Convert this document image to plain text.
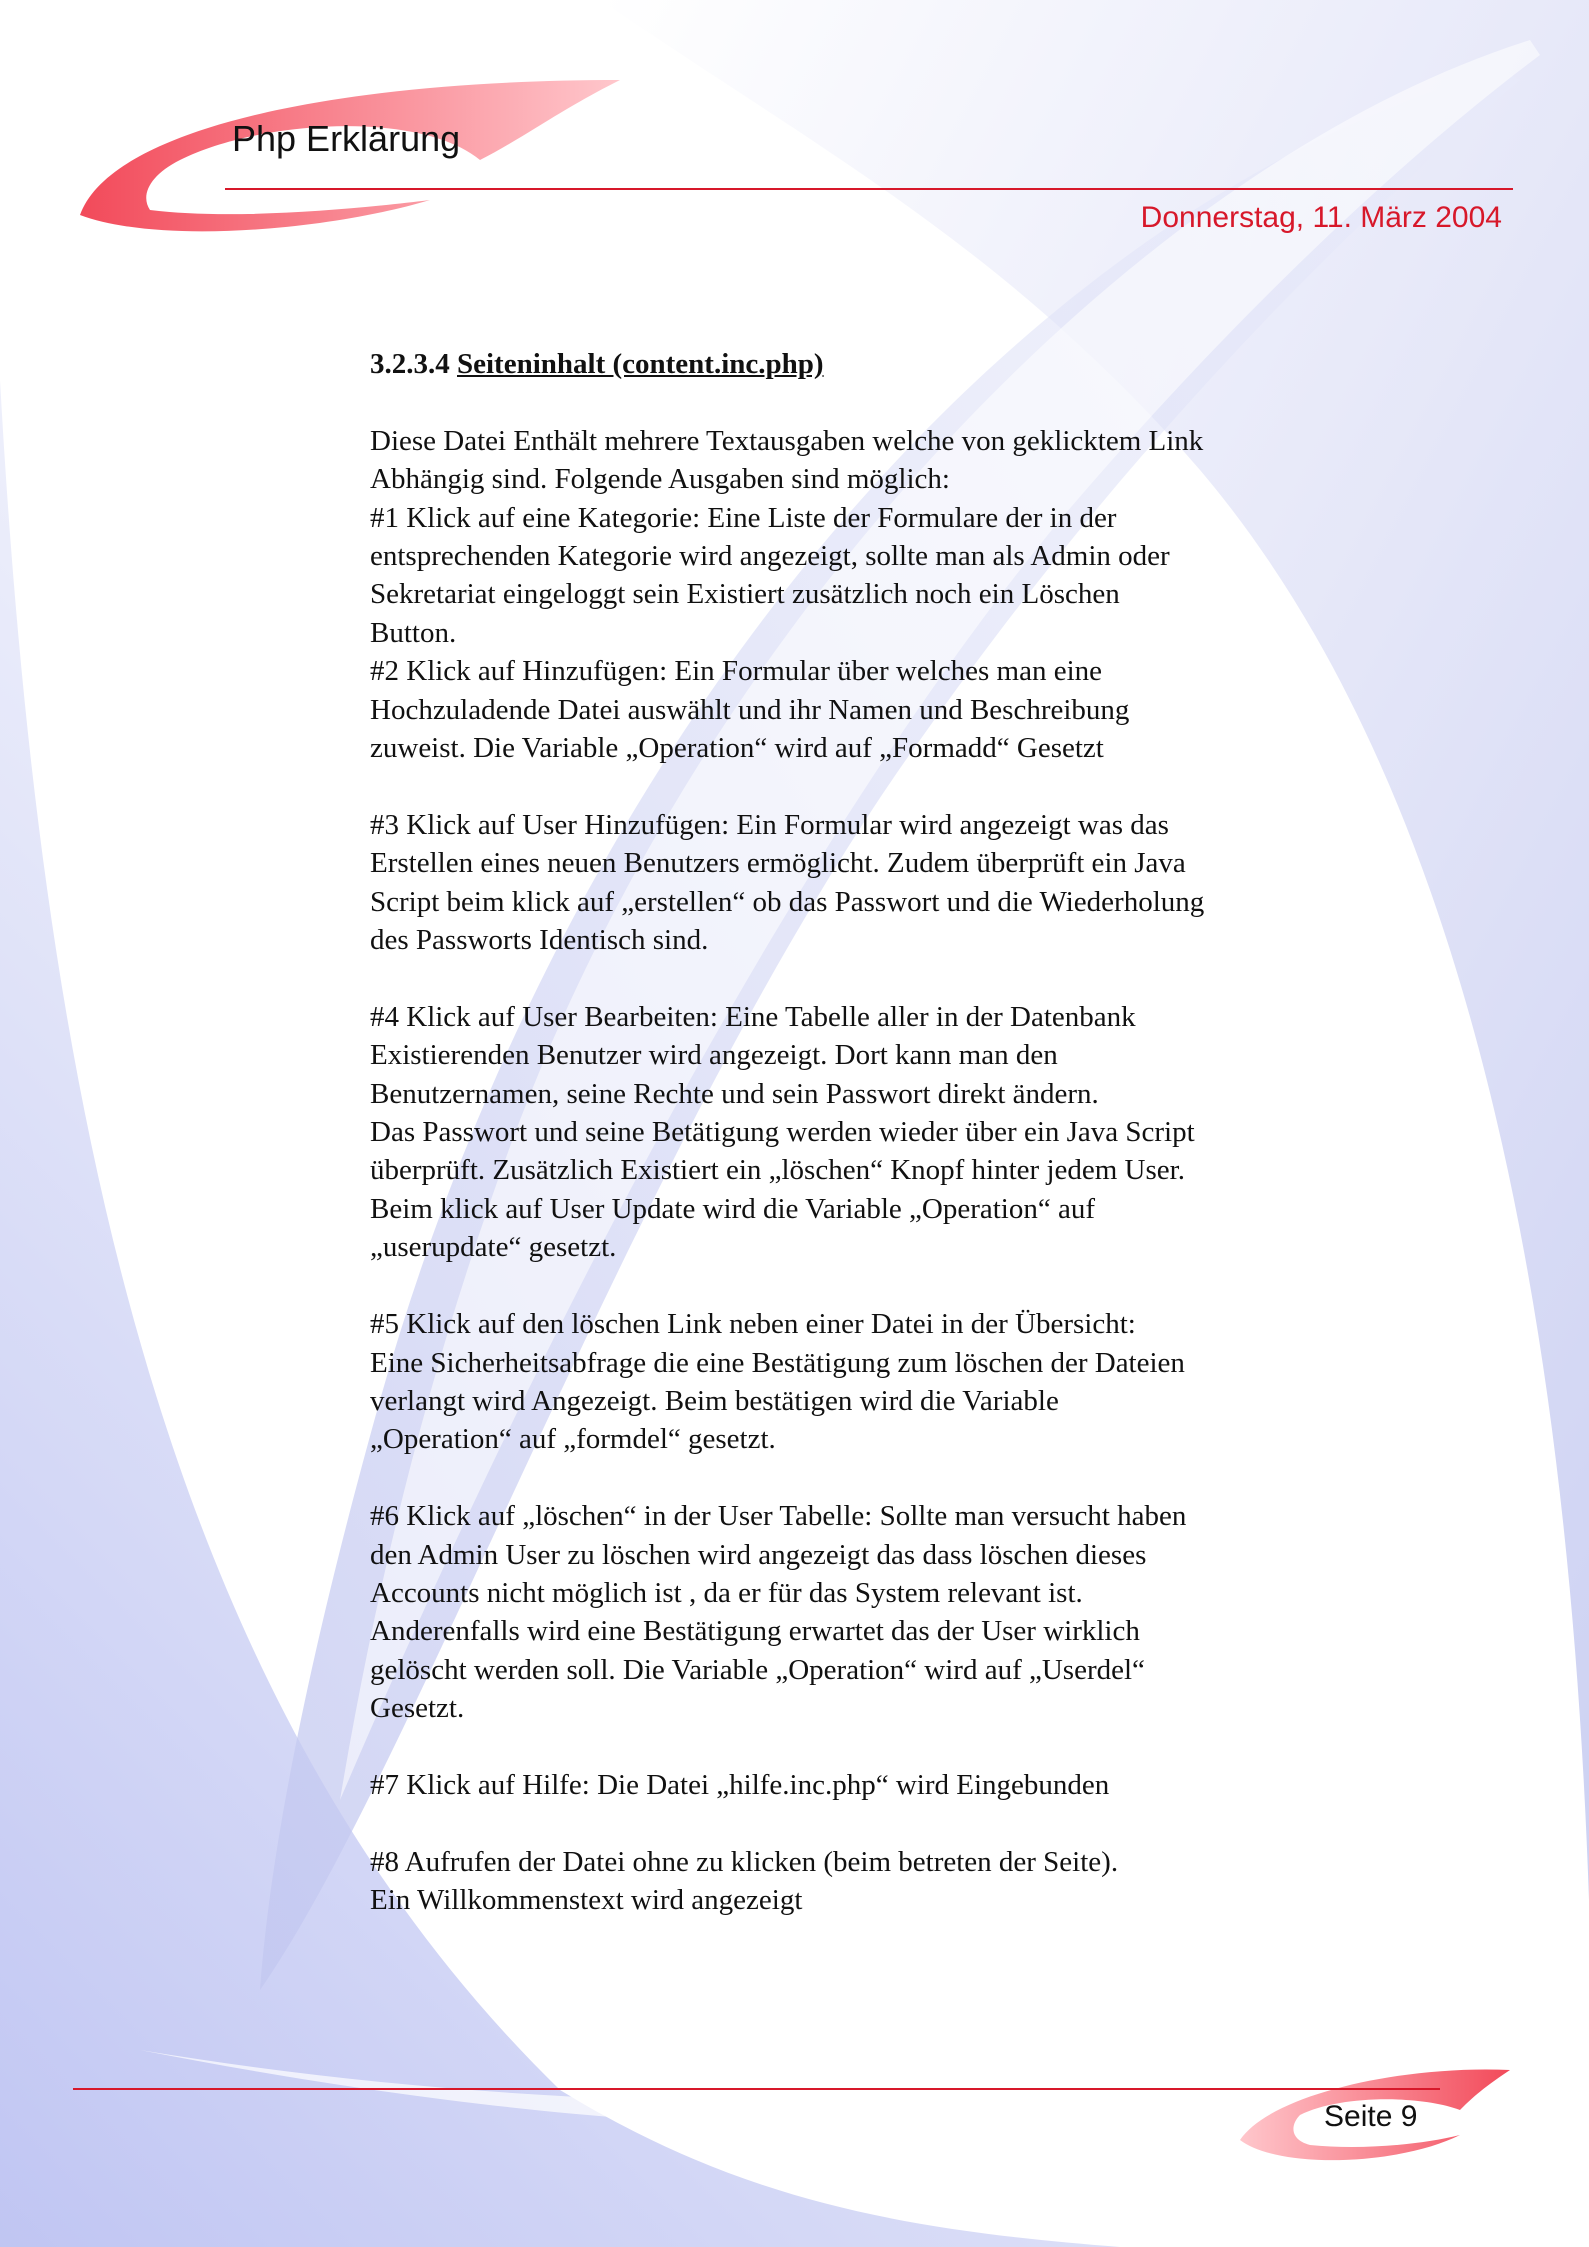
Php Erklärung
Donnerstag, 11. März 2004

3.2.3.4 Seiteninhalt (content.inc.php)

Diese Datei Enthält mehrere Textausgaben welche von geklicktem Link
Abhängig sind. Folgende Ausgaben sind möglich:
#1 Klick auf eine Kategorie: Eine Liste der Formulare der in der
entsprechenden Kategorie wird angezeigt, sollte man als Admin oder
Sekretariat eingeloggt sein Existiert zusätzlich noch ein Löschen
Button.
#2 Klick auf Hinzufügen: Ein Formular über welches man eine
Hochzuladende Datei auswählt und ihr Namen und Beschreibung
zuweist. Die Variable „Operation“ wird auf „Formadd“ Gesetzt

#3 Klick auf User Hinzufügen: Ein Formular wird angezeigt was das
Erstellen eines neuen Benutzers ermöglicht. Zudem überprüft ein Java
Script beim klick auf „erstellen“ ob das Passwort und die Wiederholung
des Passworts Identisch sind.

#4 Klick auf User Bearbeiten: Eine Tabelle aller in der Datenbank
Existierenden Benutzer wird angezeigt. Dort kann man den
Benutzernamen, seine Rechte und sein Passwort direkt ändern.
Das Passwort und seine Betätigung werden wieder über ein Java Script
überprüft. Zusätzlich Existiert ein „löschen“ Knopf hinter jedem User.
Beim klick auf User Update wird die Variable „Operation“ auf
„userupdate“ gesetzt.

#5 Klick auf den löschen Link neben einer Datei in der Übersicht:
Eine Sicherheitsabfrage die eine Bestätigung zum löschen der Dateien
verlangt wird Angezeigt. Beim bestätigen wird die Variable
„Operation“ auf „formdel“ gesetzt.

#6 Klick auf „löschen“ in der User Tabelle: Sollte man versucht haben
den Admin User zu löschen wird angezeigt das dass löschen dieses
Accounts nicht möglich ist , da er für das System relevant ist.
Anderenfalls wird eine Bestätigung erwartet das der User wirklich
gelöscht werden soll. Die Variable „Operation“ wird auf „Userdel“
Gesetzt.

#7 Klick auf Hilfe: Die Datei „hilfe.inc.php“ wird Eingebunden

#8 Aufrufen der Datei ohne zu klicken (beim betreten der Seite).
Ein Willkommenstext wird angezeigt

Seite 9
